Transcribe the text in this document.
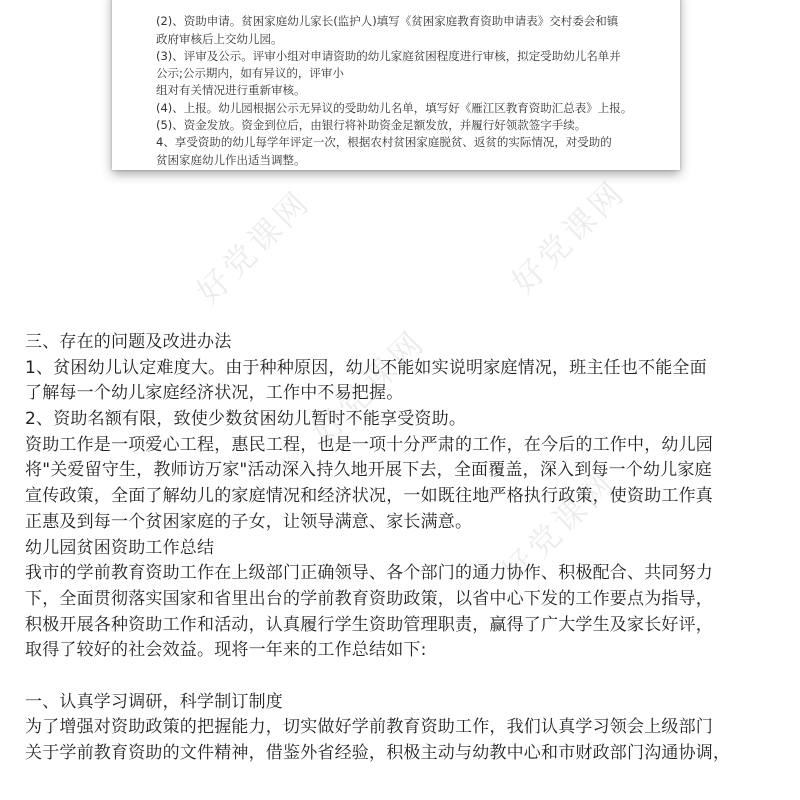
(2)、资助申请。贫困家庭幼儿家长(监护人)填写《贫困家庭教育资助申请表》交村委会和镇
政府审核后上交幼儿园。
(3)、评审及公示。评审小组对申请资助的幼儿家庭贫困程度进行审核，拟定受助幼儿名单并
公示;公示期内，如有异议的，评审小
组对有关情况进行重新审核。
(4)、上报。幼儿园根据公示无异议的受助幼儿名单，填写好《雁江区教育资助汇总表》上报。
(5)、资金发放。资金到位后，由银行将补助资金足额发放，并履行好领款签字手续。
4、享受资助的幼儿每学年评定一次，根据农村贫困家庭脱贫、返贫的实际情况，对受助的
贫困家庭幼儿作出适当调整。
好党课网	好党课网
好党课网
好党课网
三、存在的问题及改进办法
1、贫困幼儿认定难度大。由于种种原因，幼儿不能如实说明家庭情况，班主任也不能全面
了解每一个幼儿家庭经济状况，工作中不易把握。
2、资助名额有限，致使少数贫困幼儿暂时不能享受资助。
资助工作是一项爱心工程，惠民工程，也是一项十分严肃的工作，在今后的工作中，幼儿园
将"关爱留守生，教师访万家"活动深入持久地开展下去，全面覆盖，深入到每一个幼儿家庭
宣传政策，全面了解幼儿的家庭情况和经济状况，一如既往地严格执行政策，使资助工作真
正惠及到每一个贫困家庭的子女，让领导满意、家长满意。
幼儿园贫困资助工作总结
我市的学前教育资助工作在上级部门正确领导、各个部门的通力协作、积极配合、共同努力
下，全面贯彻落实国家和省里出台的学前教育资助政策，以省中心下发的工作要点为指导，
积极开展各种资助工作和活动，认真履行学生资助管理职责，赢得了广大学生及家长好评，
取得了较好的社会效益。现将一年来的工作总结如下:
一、认真学习调研，科学制订制度
为了增强对资助政策的把握能力，切实做好学前教育资助工作，我们认真学习领会上级部门
关于学前教育资助的文件精神，借鉴外省经验，积极主动与幼教中心和市财政部门沟通协调，
